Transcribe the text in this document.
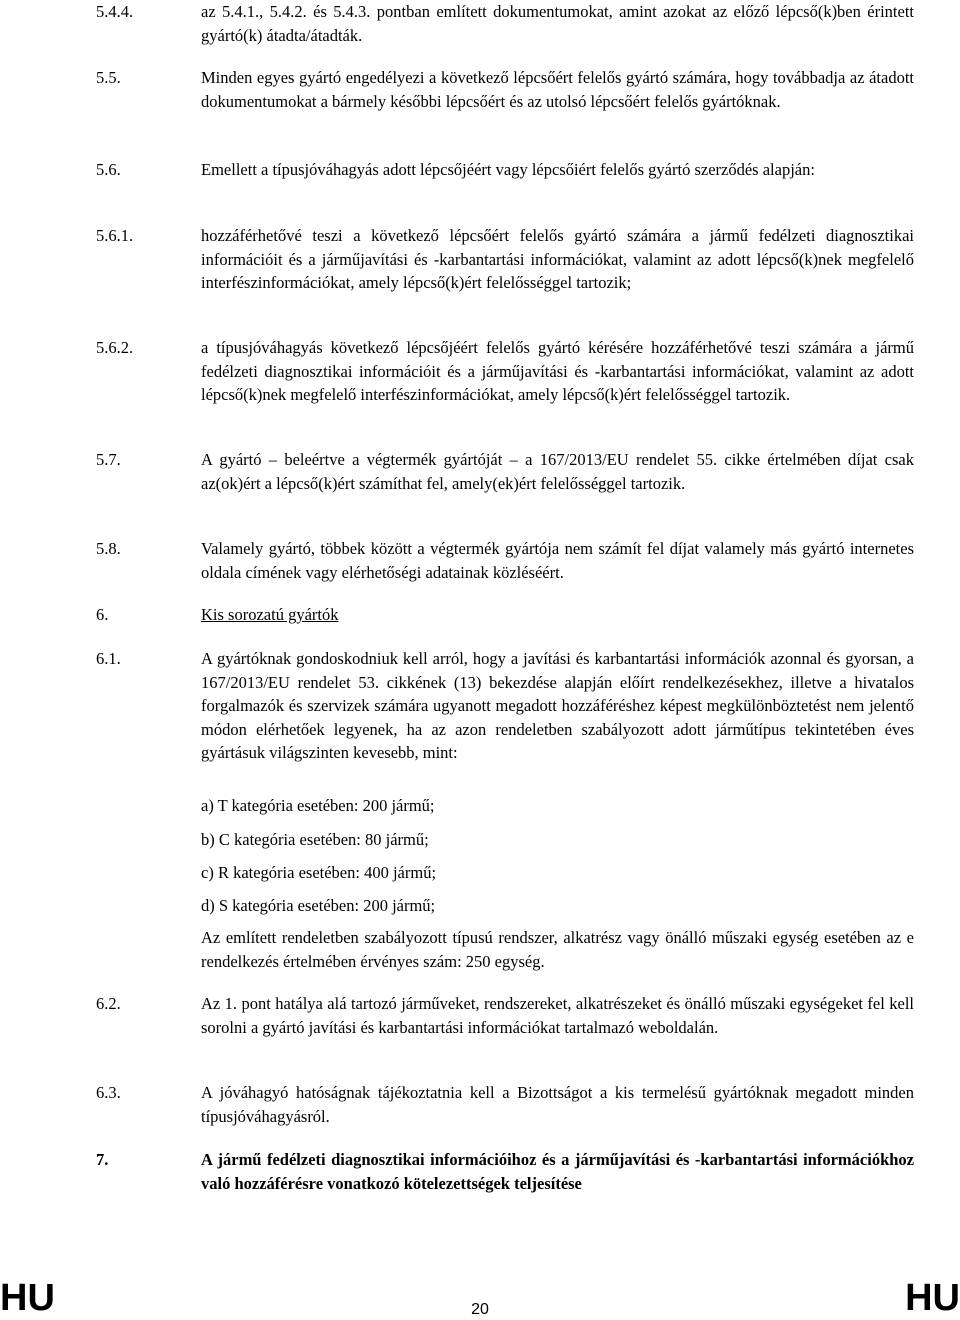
5.4.4.	az 5.4.1., 5.4.2. és 5.4.3. pontban említett dokumentumokat, amint azokat az előző lépcső(k)ben érintett gyártó(k) átadta/átadták.
5.5.	Minden egyes gyártó engedélyezi a következő lépcsőért felelős gyártó számára, hogy továbbadja az átadott dokumentumokat a bármely későbbi lépcsőért és az utolsó lépcsőért felelős gyártóknak.
5.6.	Emellett a típusjóváhagyás adott lépcsőjéért vagy lépcsőiért felelős gyártó szerződés alapján:
5.6.1.	hozzáférhetővé teszi a következő lépcsőért felelős gyártó számára a jármű fedélzeti diagnosztikai információit és a járműjavítási és -karbantartási információkat, valamint az adott lépcső(k)nek megfelelő interfészinformációkat, amely lépcső(k)ért felelősséggel tartozik;
5.6.2.	a típusjóváhagyás következő lépcsőjéért felelős gyártó kérésére hozzáférhetővé teszi számára a jármű fedélzeti diagnosztikai információit és a járműjavítási és -karbantartási információkat, valamint az adott lépcső(k)nek megfelelő interfészinformációkat, amely lépcső(k)ért felelősséggel tartozik.
5.7.	A gyártó – beleértve a végtermék gyártóját – a 167/2013/EU rendelet 55. cikke értelmében díjat csak az(ok)ért a lépcső(k)ért számíthat fel, amely(ek)ért felelősséggel tartozik.
5.8.	Valamely gyártó, többek között a végtermék gyártója nem számít fel díjat valamely más gyártó internetes oldala címének vagy elérhetőségi adatainak közléséért.
6.	Kis sorozatú gyártók
6.1.	A gyártóknak gondoskodniuk kell arról, hogy a javítási és karbantartási információk azonnal és gyorsan, a 167/2013/EU rendelet 53. cikkének (13) bekezdése alapján előírt rendelkezésekhez, illetve a hivatalos forgalmazók és szervizek számára ugyanott megadott hozzáféréshez képest megkülönböztetést nem jelentő módon elérhetőek legyenek, ha az azon rendeletben szabályozott adott járműtípus tekintetében éves gyártásuk világszinten kevesebb, mint:
a) T kategória esetében: 200 jármű;
b) C kategória esetében: 80 jármű;
c) R kategória esetében: 400 jármű;
d) S kategória esetében: 200 jármű;
Az említett rendeletben szabályozott típusú rendszer, alkatrész vagy önálló műszaki egység esetében az e rendelkezés értelmében érvényes szám: 250 egység.
6.2.	Az 1. pont hatálya alá tartozó járműveket, rendszereket, alkatrészeket és önálló műszaki egységeket fel kell sorolni a gyártó javítási és karbantartási információkat tartalmazó weboldalán.
6.3.	A jóváhagyó hatóságnak tájékoztatnia kell a Bizottságot a kis termelésű gyártóknak megadott minden típusjóváhagyásról.
7.	A jármű fedélzeti diagnosztikai információihoz és a járműjavítási és -karbantartási információkhoz való hozzáférésre vonatkozó kötelezettségek teljesítése
HU	20	HU
